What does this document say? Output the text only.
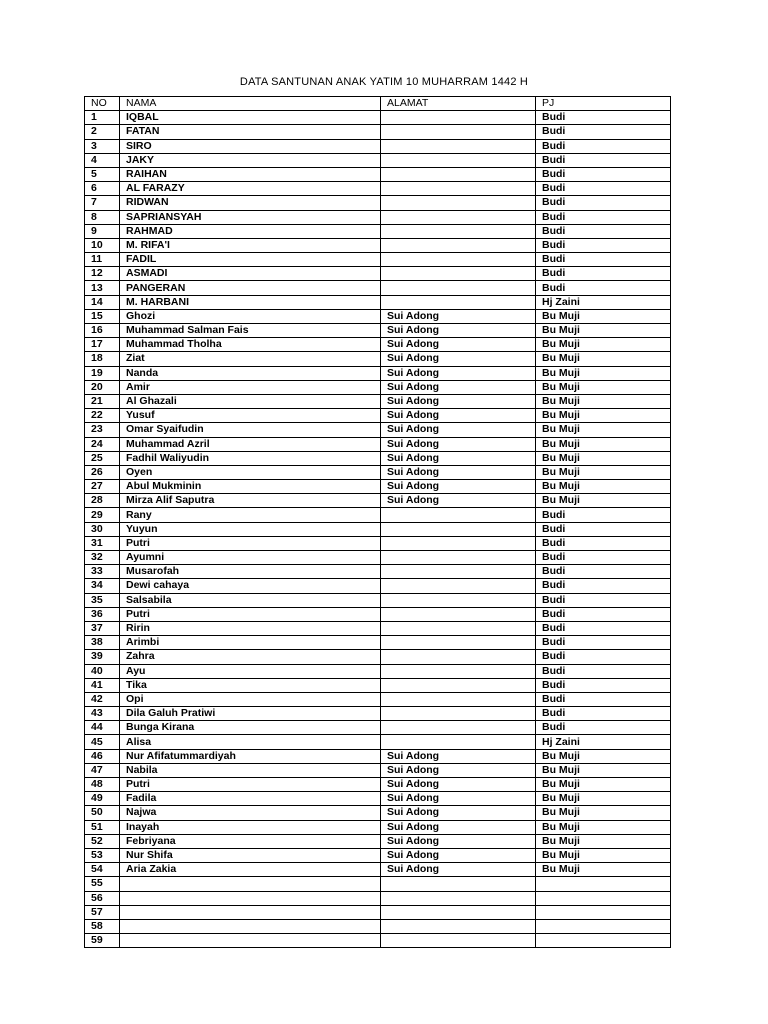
DATA SANTUNAN ANAK YATIM 10 MUHARRAM 1442 H
NO	NAMA	ALAMAT	PJ
1	IQBAL		Budi
2	FATAN		Budi
3	SIRO		Budi
4	JAKY		Budi
5	RAIHAN		Budi
6	AL FARAZY		Budi
7	RIDWAN		Budi
8	SAPRIANSYAH		Budi
9	RAHMAD		Budi
10	M. RIFA'I		Budi
11	FADIL		Budi
12	ASMADI		Budi
13	PANGERAN		Budi
14	M. HARBANI		Hj Zaini
15	Ghozi	Sui Adong	Bu Muji
16	Muhammad Salman Fais	Sui Adong	Bu Muji
17	Muhammad Tholha	Sui Adong	Bu Muji
18	Ziat	Sui Adong	Bu Muji
19	Nanda	Sui Adong	Bu Muji
20	Amir	Sui Adong	Bu Muji
21	Al Ghazali	Sui Adong	Bu Muji
22	Yusuf	Sui Adong	Bu Muji
23	Omar Syaifudin	Sui Adong	Bu Muji
24	Muhammad Azril	Sui Adong	Bu Muji
25	Fadhil Waliyudin	Sui Adong	Bu Muji
26	Oyen	Sui Adong	Bu Muji
27	Abul Mukminin	Sui Adong	Bu Muji
28	Mirza Alif Saputra	Sui Adong	Bu Muji
29	Rany		Budi
30	Yuyun		Budi
31	Putri		Budi
32	Ayumni		Budi
33	Musarofah		Budi
34	Dewi cahaya		Budi
35	Salsabila		Budi
36	Putri		Budi
37	Ririn		Budi
38	Arimbi		Budi
39	Zahra		Budi
40	Ayu		Budi
41	Tika		Budi
42	Opi		Budi
43	Dila Galuh Pratiwi		Budi
44	Bunga Kirana		Budi
45	Alisa		Hj Zaini
46	Nur Afifatummardiyah	Sui Adong	Bu Muji
47	Nabila	Sui Adong	Bu Muji
48	Putri	Sui Adong	Bu Muji
49	Fadila	Sui Adong	Bu Muji
50	Najwa	Sui Adong	Bu Muji
51	Inayah	Sui Adong	Bu Muji
52	Febriyana	Sui Adong	Bu Muji
53	Nur Shifa	Sui Adong	Bu Muji
54	Aria Zakia	Sui Adong	Bu Muji
55			
56			
57			
58			
59			
